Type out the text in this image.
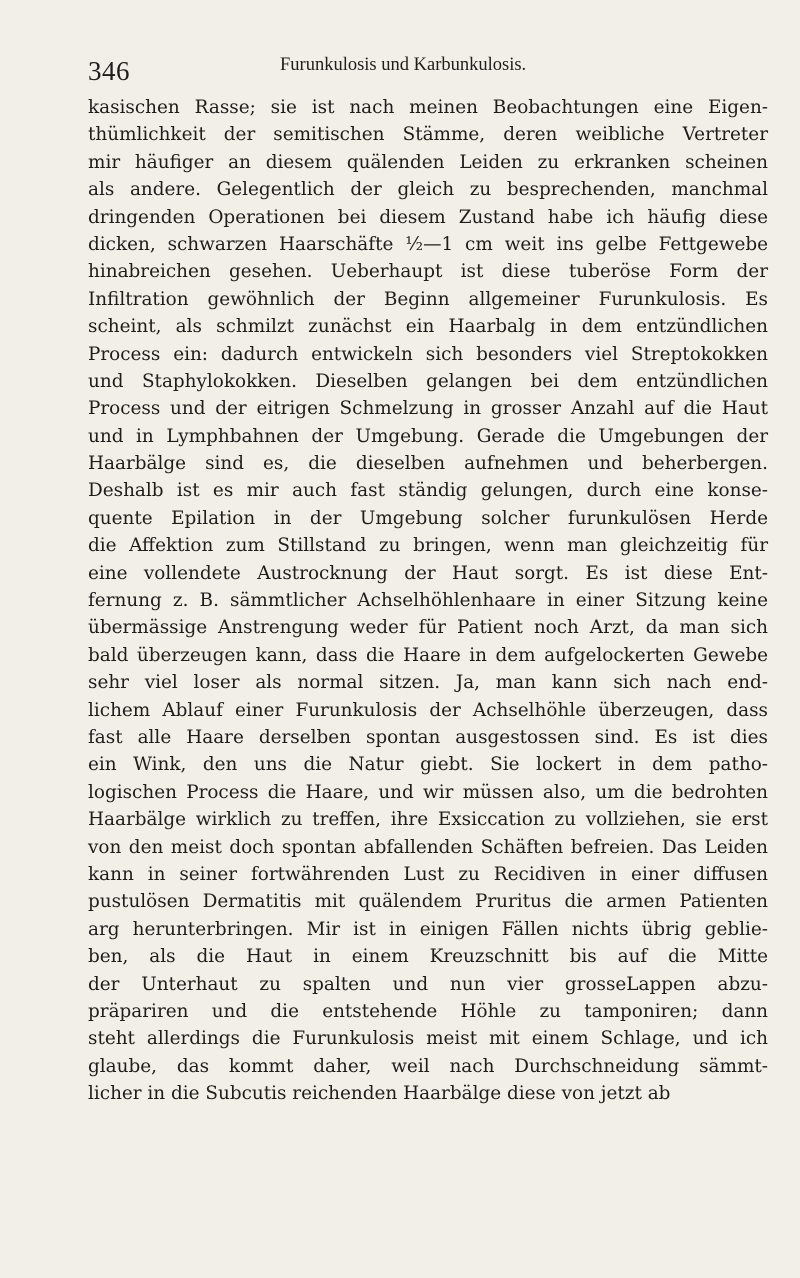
346	Furunkulosis und Karbunkulosis.
kasischen Rasse; sie ist nach meinen Beobachtungen eine Eigen-
thümlichkeit der semitischen Stämme, deren weibliche Vertreter
mir häufiger an diesem quälenden Leiden zu erkranken scheinen
als andere. Gelegentlich der gleich zu besprechenden, manchmal
dringenden Operationen bei diesem Zustand habe ich häufig diese
dicken, schwarzen Haarschäfte ½—1 cm weit ins gelbe Fettgewebe
hinabreichen gesehen. Ueberhaupt ist diese tuberöse Form der
Infiltration gewöhnlich der Beginn allgemeiner Furunkulosis. Es
scheint, als schmilzt zunächst ein Haarbalg in dem entzündlichen
Process ein: dadurch entwickeln sich besonders viel Streptokokken
und Staphylokokken. Dieselben gelangen bei dem entzündlichen
Process und der eitrigen Schmelzung in grosser Anzahl auf die Haut
und in Lymphbahnen der Umgebung. Gerade die Umgebungen der
Haarbälge sind es, die dieselben aufnehmen und beherbergen.
Deshalb ist es mir auch fast ständig gelungen, durch eine konse-
quente Epilation in der Umgebung solcher furunkulösen Herde
die Affektion zum Stillstand zu bringen, wenn man gleichzeitig für
eine vollendete Austrocknung der Haut sorgt. Es ist diese Ent-
fernung z. B. sämmtlicher Achselhöhlenhaare in einer Sitzung keine
übermässige Anstrengung weder für Patient noch Arzt, da man sich
bald überzeugen kann, dass die Haare in dem aufgelockerten Gewebe
sehr viel loser als normal sitzen. Ja, man kann sich nach end-
lichem Ablauf einer Furunkulosis der Achselhöhle überzeugen, dass
fast alle Haare derselben spontan ausgestossen sind. Es ist dies
ein Wink, den uns die Natur giebt. Sie lockert in dem patho-
logischen Process die Haare, und wir müssen also, um die bedrohten
Haarbälge wirklich zu treffen, ihre Exsiccation zu vollziehen, sie erst
von den meist doch spontan abfallenden Schäften befreien. Das Leiden
kann in seiner fortwährenden Lust zu Recidiven in einer diffusen
pustulösen Dermatitis mit quälendem Pruritus die armen Patienten
arg herunterbringen. Mir ist in einigen Fällen nichts übrig geblie-
ben, als die Haut in einem Kreuzschnitt bis auf die Mitte
der Unterhaut zu spalten und nun vier grosseLappen abzu-
präpariren und die entstehende Höhle zu tamponiren; dann
steht allerdings die Furunkulosis meist mit einem Schlage, und ich
glaube, das kommt daher, weil nach Durchschneidung sämmt-
licher in die Subcutis reichenden Haarbälge diese von jetzt ab
